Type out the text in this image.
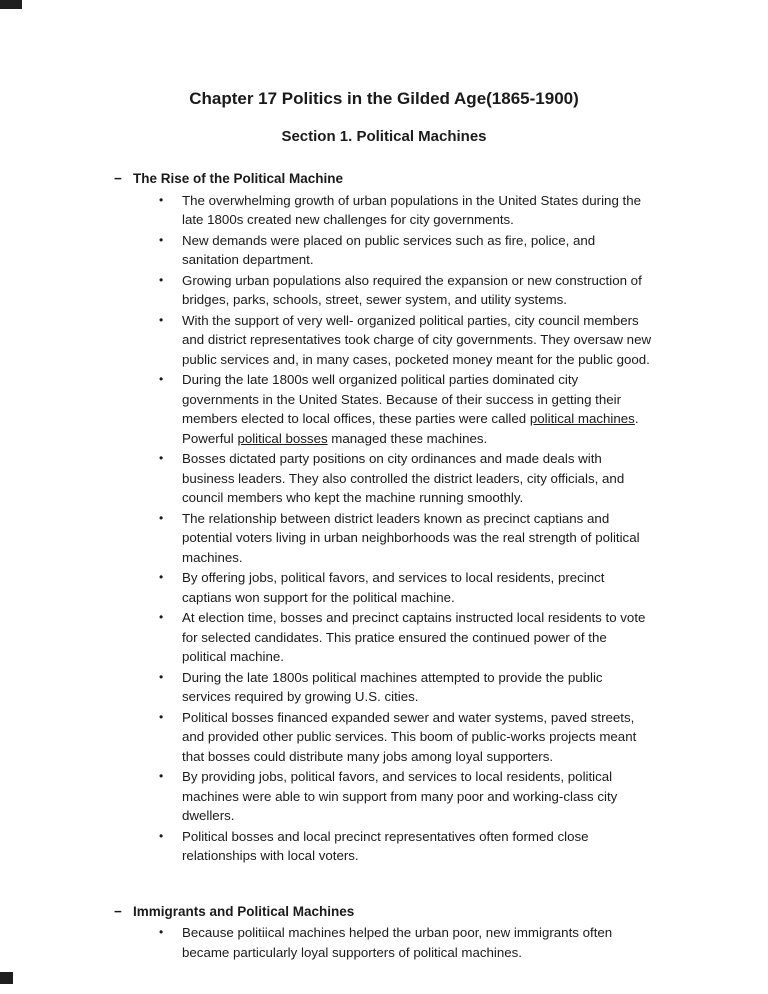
Chapter 17 Politics in the Gilded Age(1865-1900)
Section 1. Political Machines
− The Rise of the Political Machine
•	The overwhelming growth of urban populations in the United States during the late 1800s created new challenges for city governments.
•	New demands were placed on public services such as fire, police, and sanitation department.
•	Growing urban populations also required the expansion or new construction of bridges, parks, schools, street, sewer system, and utility systems.
•	With the support of very well- organized political parties, city council members and district representatives took charge of city governments. They oversaw new public services and, in many cases, pocketed money meant for the public good.
•	During the late 1800s well organized political parties dominated city governments in the United States. Because of their success in getting their members elected to local offices, these parties were called political machines. Powerful political bosses managed these machines.
•	Bosses dictated party positions on city ordinances and made deals with business leaders. They also controlled the district leaders, city officials, and council members who kept the machine running smoothly.
•	The relationship between district leaders known as precinct captians and potential voters living in urban neighborhoods was the real strength of political machines.
•	By offering jobs, political favors, and services to local residents, precinct captians won support for the political machine.
•	At election time, bosses and precinct captains instructed local residents to vote for selected candidates. This pratice ensured the continued power of the political machine.
•	During the late 1800s political machines attempted to provide the public services required by growing U.S. cities.
•	Political bosses financed expanded sewer and water systems, paved streets, and provided other public services. This boom of public-works projects meant that bosses could distribute many jobs among loyal supporters.
•	By providing jobs, political favors, and services to local residents, political machines were able to win support from many poor and working-class city dwellers.
•	Political bosses and local precinct representatives often formed close relationships with local voters.
− Immigrants and Political Machines
•	Because politiical machines helped the urban poor, new immigrants often became particularly loyal supporters of political machines.
